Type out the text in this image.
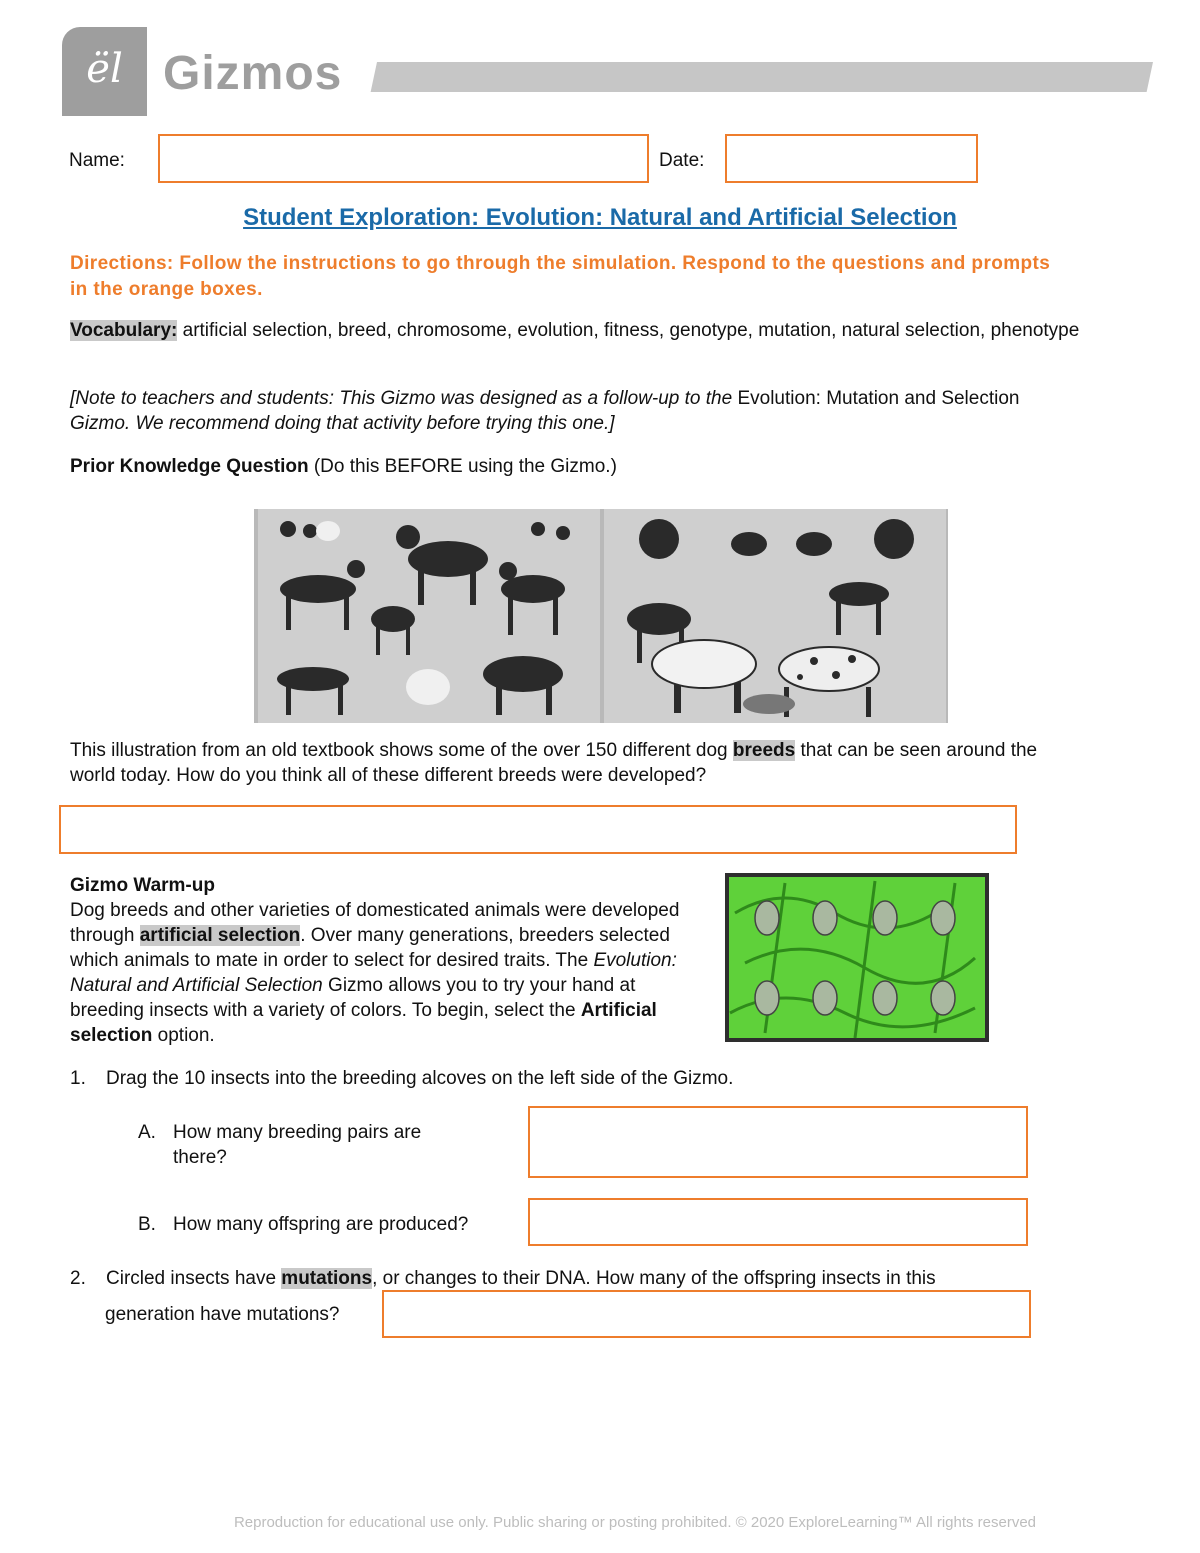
ël Gizmos
Name:	Date:
Student Exploration: Evolution: Natural and Artificial Selection
Directions: Follow the instructions to go through the simulation. Respond to the questions and prompts in the orange boxes.
Vocabulary: artificial selection, breed, chromosome, evolution, fitness, genotype, mutation, natural selection, phenotype
[Note to teachers and students: This Gizmo was designed as a follow-up to the Evolution: Mutation and Selection Gizmo. We recommend doing that activity before trying this one.]
Prior Knowledge Question (Do this BEFORE using the Gizmo.)
This illustration from an old textbook shows some of the over 150 different dog breeds that can be seen around the world today. How do you think all of these different breeds were developed?
Gizmo Warm-up
Dog breeds and other varieties of domesticated animals were developed through artificial selection. Over many generations, breeders selected which animals to mate in order to select for desired traits. The Evolution: Natural and Artificial Selection Gizmo allows you to try your hand at breeding insects with a variety of colors. To begin, select the Artificial selection option.
1. Drag the 10 insects into the breeding alcoves on the left side of the Gizmo.
A. How many breeding pairs are there?
B. How many offspring are produced?
2. Circled insects have mutations, or changes to their DNA. How many of the offspring insects in this
generation have mutations?
Reproduction for educational use only. Public sharing or posting prohibited. © 2020 ExploreLearning™ All rights reserved
